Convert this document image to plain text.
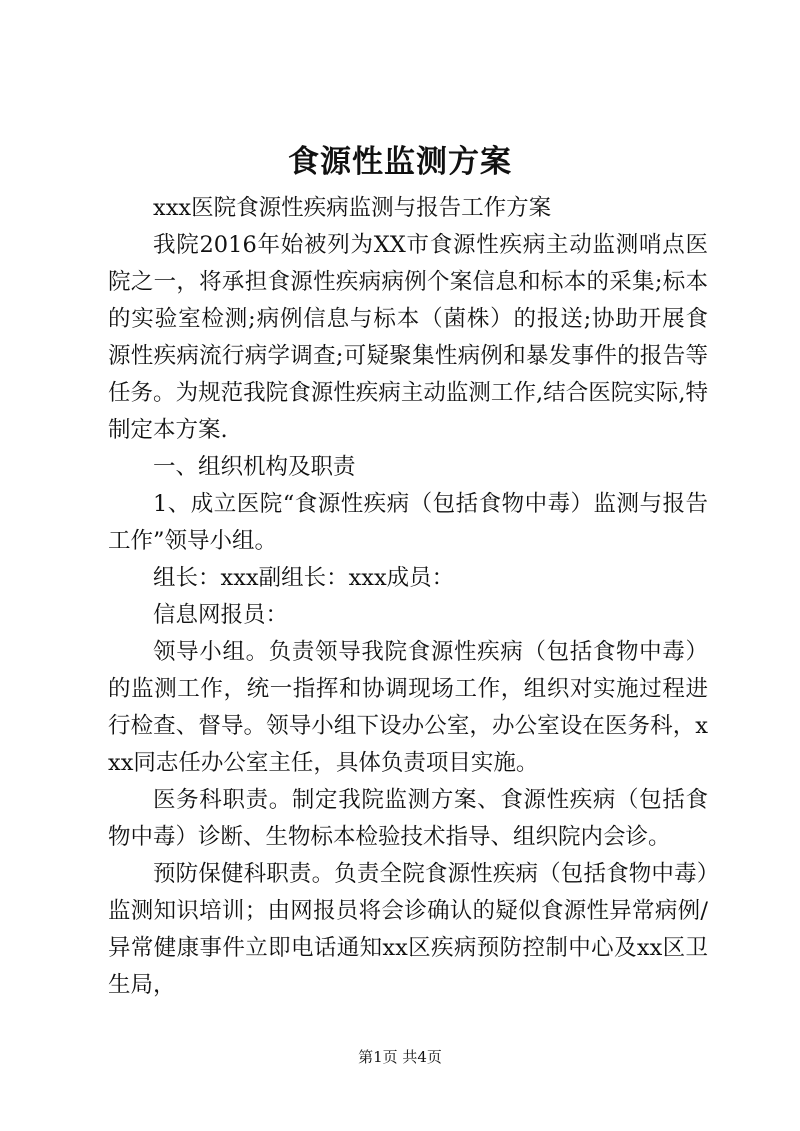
食源性监测方案

xxx医院食源性疾病监测与报告工作方案

我院2016年始被列为XX市食源性疾病主动监测哨点医院之一，将承担食源性疾病病例个案信息和标本的采集;标本的实验室检测;病例信息与标本（菌株）的报送;协助开展食源性疾病流行病学调查;可疑聚集性病例和暴发事件的报告等任务。为规范我院食源性疾病主动监测工作,结合医院实际,特制定本方案.

一、组织机构及职责

1、成立医院“食源性疾病（包括食物中毒）监测与报告工作”领导小组。

组长：xxx副组长：xxx成员：

信息网报员：

领导小组。负责领导我院食源性疾病（包括食物中毒）的监测工作，统一指挥和协调现场工作，组织对实施过程进行检查、督导。领导小组下设办公室，办公室设在医务科，xxx同志任办公室主任，具体负责项目实施。

医务科职责。制定我院监测方案、食源性疾病（包括食物中毒）诊断、生物标本检验技术指导、组织院内会诊。

预防保健科职责。负责全院食源性疾病（包括食物中毒）监测知识培训；由网报员将会诊确认的疑似食源性异常病例/异常健康事件立即电话通知xx区疾病预防控制中心及xx区卫生局，

第1页 共4页
